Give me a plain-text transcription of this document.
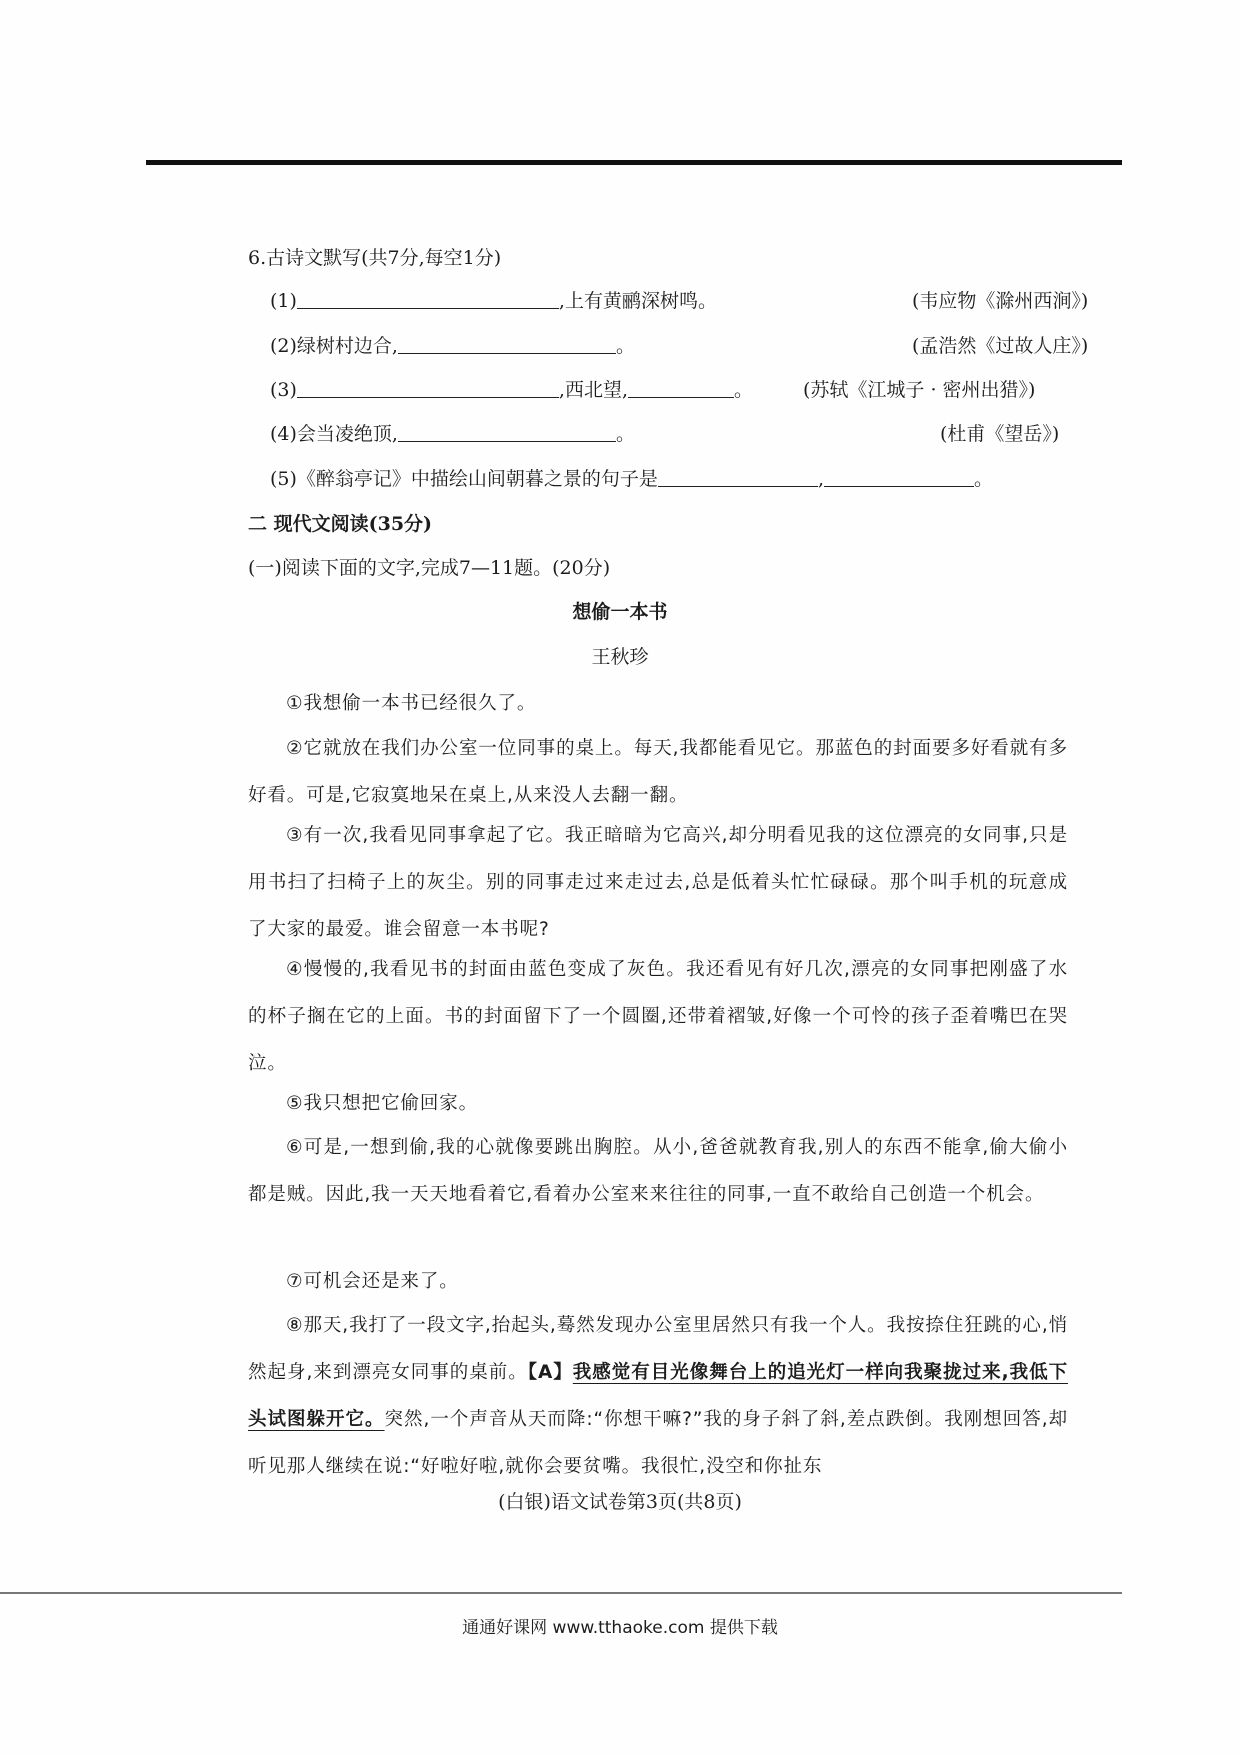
6.古诗文默写(共7分,每空1分)
(1)	,上有黄鹂深树鸣。	(韦应物《滁州西涧》)
(2)绿树村边合,	。	(孟浩然《过故人庄》)
(3)	,西北望,	。	(苏轼《江城子 · 密州出猎》)
(4)会当凌绝顶,	。	(杜甫《望岳》)
(5)《醉翁亭记》中描绘山间朝暮之景的句子是	,	。
二 现代文阅读(35分)
(一)阅读下面的文字,完成7—11题。(20分)
想偷一本书
王秋珍
①我想偷一本书已经很久了。
②它就放在我们办公室一位同事的桌上。每天,我都能看见它。那蓝色的封面要多好看就有多好看。可是,它寂寞地呆在桌上,从来没人去翻一翻。
③有一次,我看见同事拿起了它。我正暗暗为它高兴,却分明看见我的这位漂亮的女同事,只是用书扫了扫椅子上的灰尘。别的同事走过来走过去,总是低着头忙忙碌碌。那个叫手机的玩意成了大家的最爱。谁会留意一本书呢?
④慢慢的,我看见书的封面由蓝色变成了灰色。我还看见有好几次,漂亮的女同事把刚盛了水的杯子搁在它的上面。书的封面留下了一个圆圈,还带着褶皱,好像一个可怜的孩子歪着嘴巴在哭泣。
⑤我只想把它偷回家。
⑥可是,一想到偷,我的心就像要跳出胸腔。从小,爸爸就教育我,别人的东西不能拿,偷大偷小都是贼。因此,我一天天地看着它,看着办公室来来往往的同事,一直不敢给自己创造一个机会。
⑦可机会还是来了。
⑧那天,我打了一段文字,抬起头,蓦然发现办公室里居然只有我一个人。我按捺住狂跳的心,悄然起身,来到漂亮女同事的桌前。【A】我感觉有目光像舞台上的追光灯一样向我聚拢过来,我低下头试图躲开它。突然,一个声音从天而降:“你想干嘛?”我的身子斜了斜,差点跌倒。我刚想回答,却听见那人继续在说:“好啦好啦,就你会要贫嘴。我很忙,没空和你扯东
(白银)语文试卷第3页(共8页)
通通好课网 www.tthaoke.com 提供下载
